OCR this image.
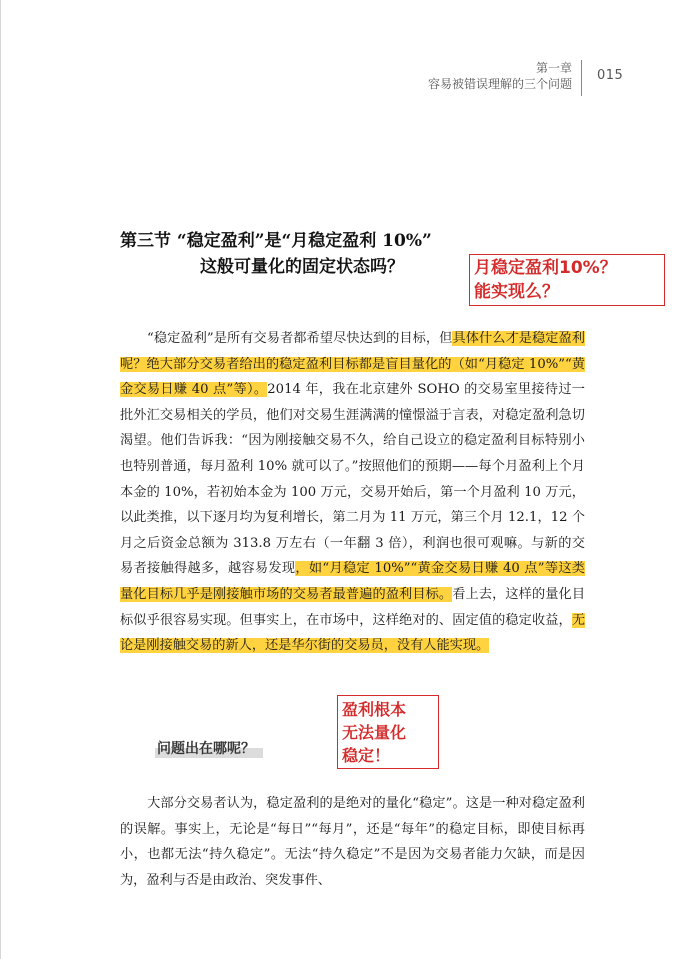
第一章
容易被错误理解的三个问题
015
第三节 “稳定盈利”是“月稳定盈利 10%”
这般可量化的固定状态吗？	月稳定盈利10%？
能实现么？
“稳定盈利”是所有交易者都希望尽快达到的目标，但具体什么才是稳定盈利呢？绝大部分交易者给出的稳定盈利目标都是盲目量化的（如“月稳定 10%”“黄金交易日赚 40 点”等）。2014 年，我在北京建外 SOHO 的交易室里接待过一批外汇交易相关的学员，他们对交易生涯满满的憧憬溢于言表，对稳定盈利急切渴望。他们告诉我：“因为刚接触交易不久，给自己设立的稳定盈利目标特别小也特别普通，每月盈利 10% 就可以了。”按照他们的预期——每个月盈利上个月本金的 10%，若初始本金为 100 万元，交易开始后，第一个月盈利 10 万元，以此类推，以下逐月均为复利增长，第二月为 11 万元，第三个月 12.1，12 个月之后资金总额为 313.8 万左右（一年翻 3 倍），利润也很可观嘛。与新的交易者接触得越多，越容易发现，如“月稳定 10%”“黄金交易日赚 40 点”等这类量化目标几乎是刚接触市场的交易者最普遍的盈利目标。看上去，这样的量化目标似乎很容易实现。但事实上，在市场中，这样绝对的、固定值的稳定收益，无论是刚接触交易的新人，还是华尔街的交易员，没有人能实现。
盈利根本
无法量化
稳定！
问题出在哪呢？
大部分交易者认为，稳定盈利的是绝对的量化“稳定”。这是一种对稳定盈利的误解。事实上，无论是“每日”“每月”，还是“每年”的稳定目标，即使目标再小，也都无法“持久稳定”。无法“持久稳定”不是因为交易者能力欠缺，而是因为，盈利与否是由政治、突发事件、
